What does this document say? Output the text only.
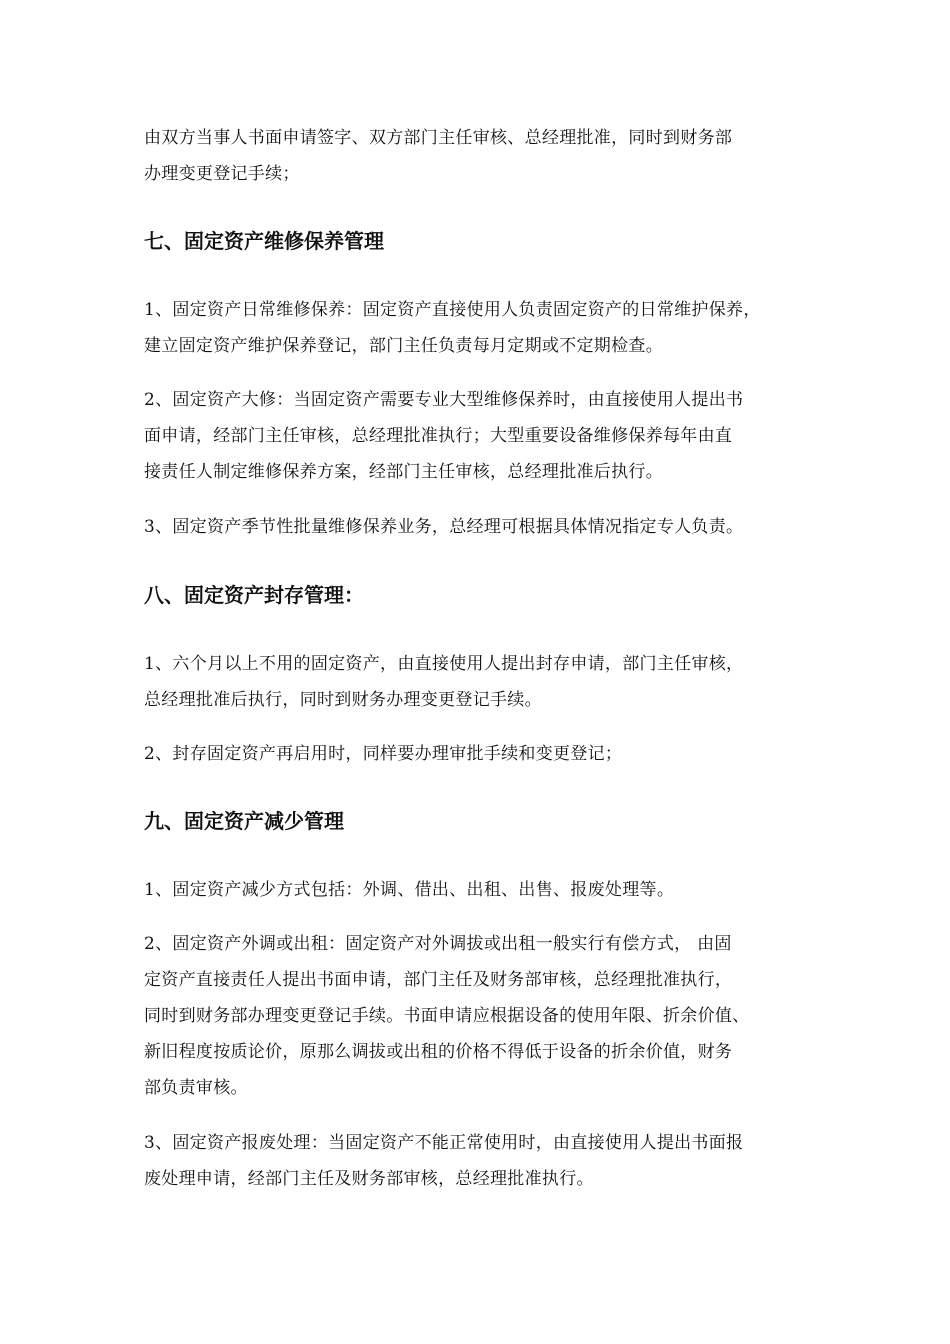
由双方当事人书面申请签字、双方部门主任审核、总经理批准，同时到财务部
办理变更登记手续；

七、固定资产维修保养管理

1、固定资产日常维修保养：固定资产直接使用人负责固定资产的日常维护保养，
建立固定资产维护保养登记，部门主任负责每月定期或不定期检查。

2、固定资产大修：当固定资产需要专业大型维修保养时，由直接使用人提出书
面申请，经部门主任审核，总经理批准执行；大型重要设备维修保养每年由直
接责任人制定维修保养方案，经部门主任审核，总经理批准后执行。

3、固定资产季节性批量维修保养业务，总经理可根据具体情况指定专人负责。

八、固定资产封存管理：

1、六个月以上不用的固定资产，由直接使用人提出封存申请，部门主任审核，
总经理批准后执行，同时到财务办理变更登记手续。

2、封存固定资产再启用时，同样要办理审批手续和变更登记；

九、固定资产减少管理

1、固定资产减少方式包括：外调、借出、出租、出售、报废处理等。

2、固定资产外调或出租：固定资产对外调拔或出租一般实行有偿方式， 由固
定资产直接责任人提出书面申请，部门主任及财务部审核，总经理批准执行，
同时到财务部办理变更登记手续。书面申请应根据设备的使用年限、折余价值、
新旧程度按质论价，原那么调拔或出租的价格不得低于设备的折余价值，财务
部负责审核。

3、固定资产报废处理：当固定资产不能正常使用时，由直接使用人提出书面报
废处理申请，经部门主任及财务部审核，总经理批准执行。
